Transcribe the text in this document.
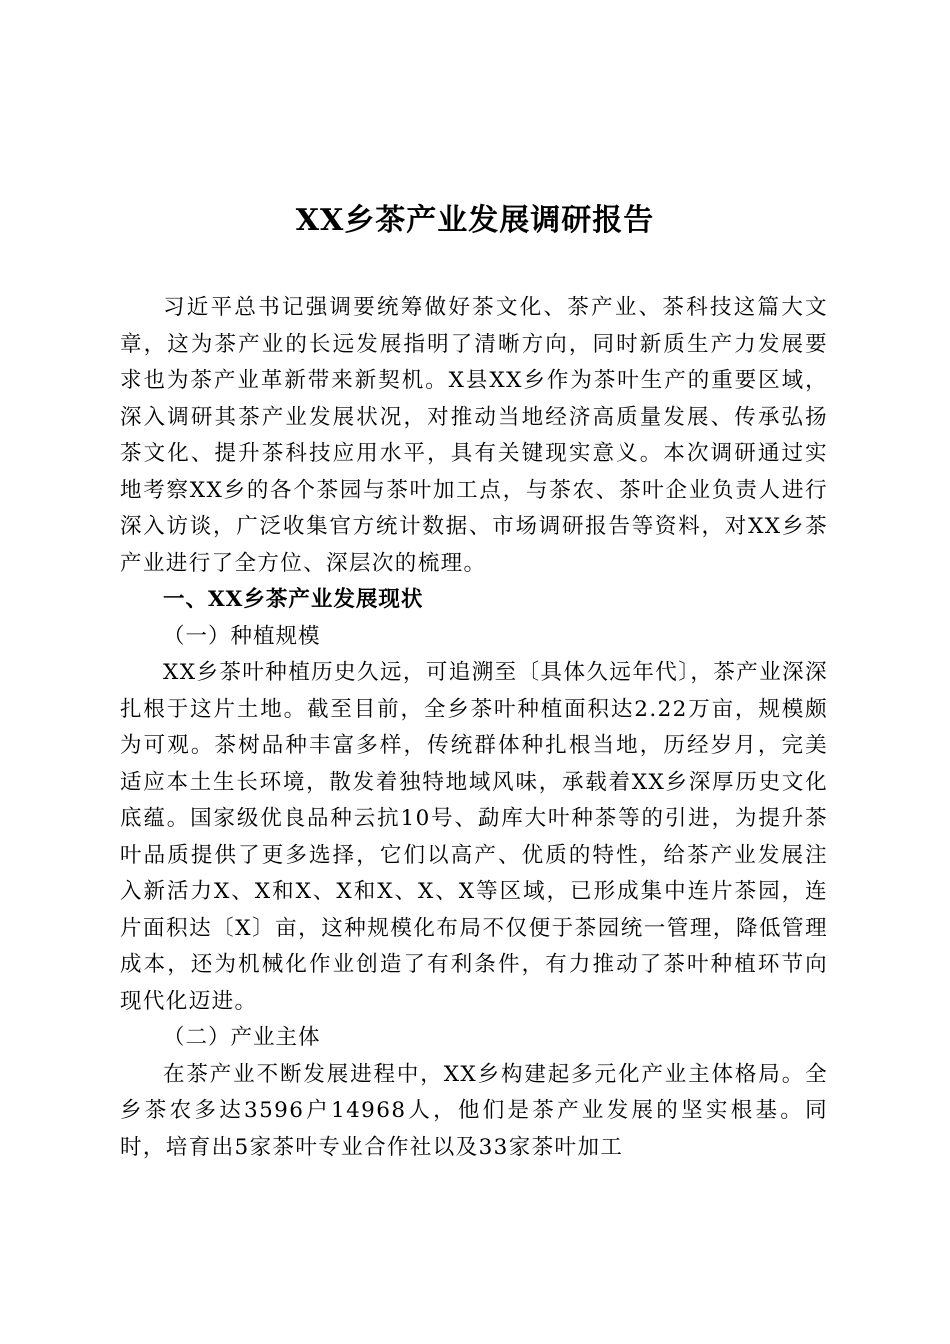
XX乡茶产业发展调研报告

习近平总书记强调要统筹做好茶文化、茶产业、茶科技这篇大文章，这为茶产业的长远发展指明了清晰方向，同时新质生产力发展要求也为茶产业革新带来新契机。X县XX乡作为茶叶生产的重要区域，深入调研其茶产业发展状况，对推动当地经济高质量发展、传承弘扬茶文化、提升茶科技应用水平，具有关键现实意义。本次调研通过实地考察XX乡的各个茶园与茶叶加工点，与茶农、茶叶企业负责人进行深入访谈，广泛收集官方统计数据、市场调研报告等资料，对XX乡茶产业进行了全方位、深层次的梳理。

一、XX乡茶产业发展现状

（一）种植规模

XX乡茶叶种植历史久远，可追溯至〔具体久远年代〕，茶产业深深扎根于这片土地。截至目前，全乡茶叶种植面积达2.22万亩，规模颇为可观。茶树品种丰富多样，传统群体种扎根当地，历经岁月，完美适应本土生长环境，散发着独特地域风味，承载着XX乡深厚历史文化底蕴。国家级优良品种云抗10号、勐库大叶种茶等的引进，为提升茶叶品质提供了更多选择，它们以高产、优质的特性，给茶产业发展注入新活力X、X和X、X和X、X、X等区域，已形成集中连片茶园，连片面积达〔X〕亩，这种规模化布局不仅便于茶园统一管理，降低管理成本，还为机械化作业创造了有利条件，有力推动了茶叶种植环节向现代化迈进。

（二）产业主体

在茶产业不断发展进程中，XX乡构建起多元化产业主体格局。全乡茶农多达3596户14968人，他们是茶产业发展的坚实根基。同时，培育出5家茶叶专业合作社以及33家茶叶加工
